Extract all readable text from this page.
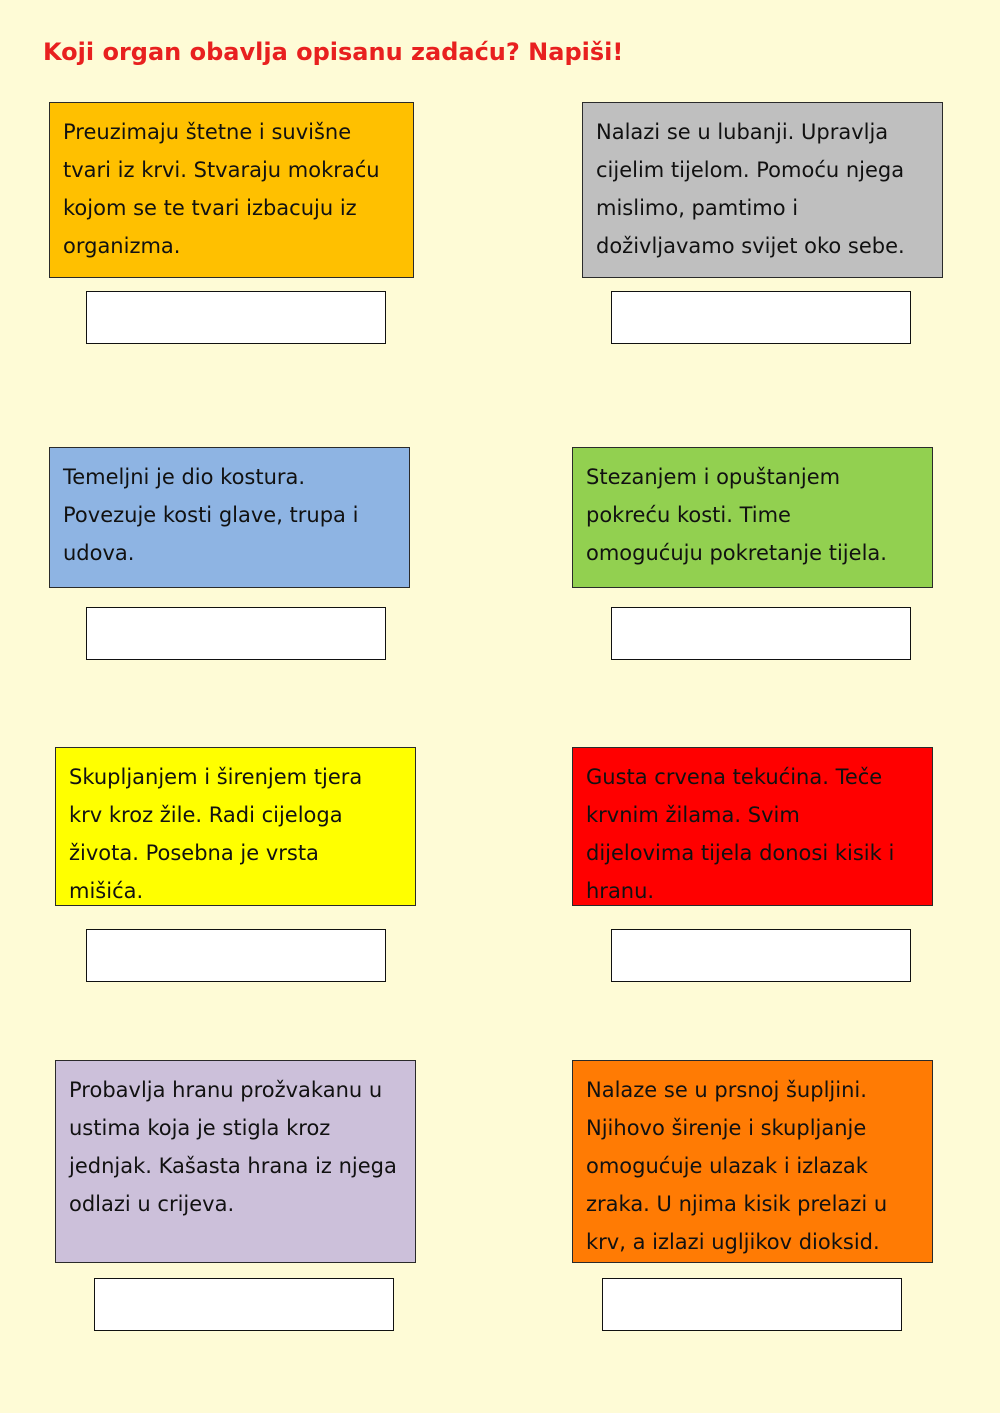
Koji organ obavlja opisanu zadaću? Napiši!

Preuzimaju štetne i suvišne
tvari iz krvi. Stvaraju mokraću
kojom se te tvari izbacuju iz
organizma.

Nalazi se u lubanji. Upravlja
cijelim tijelom. Pomoću njega
mislimo, pamtimo i
doživljavamo svijet oko sebe.

Temeljni je dio kostura.
Povezuje kosti glave, trupa i
udova.

Stezanjem i opuštanjem
pokreću kosti. Time
omogućuju pokretanje tijela.

Skupljanjem i širenjem tjera
krv kroz žile. Radi cijeloga
života. Posebna je vrsta
mišića.

Gusta crvena tekućina. Teče
krvnim žilama. Svim
dijelovima tijela donosi kisik i
hranu.

Probavlja hranu prožvakanu u
ustima koja je stigla kroz
jednjak. Kašasta hrana iz njega
odlazi u crijeva.

Nalaze se u prsnoj šupljini.
Njihovo širenje i skupljanje
omogućuje ulazak i izlazak
zraka. U njima kisik prelazi u
krv, a izlazi ugljikov dioksid.
